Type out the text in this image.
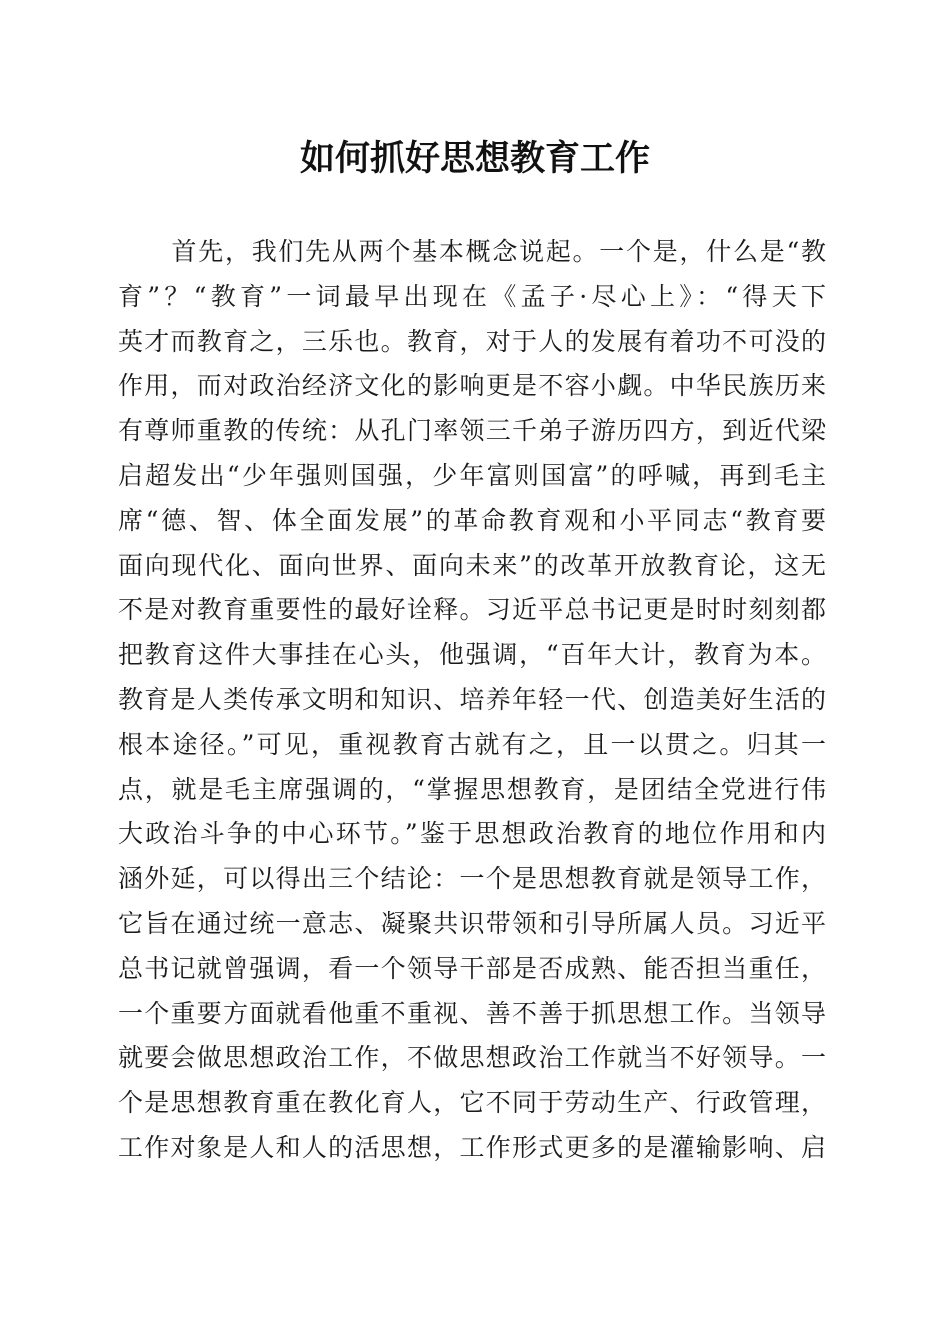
如何抓好思想教育工作
　　首先，我们先从两个基本概念说起。一个是，什么是“教
育”？“教育”一词最早出现在《孟子·尽心上》：“得天下
英才而教育之，三乐也。教育，对于人的发展有着功不可没的
作用，而对政治经济文化的影响更是不容小觑。中华民族历来
有尊师重教的传统：从孔门率领三千弟子游历四方，到近代梁
启超发出“少年强则国强，少年富则国富”的呼喊，再到毛主
席“德、智、体全面发展”的革命教育观和小平同志“教育要
面向现代化、面向世界、面向未来”的改革开放教育论，这无
不是对教育重要性的最好诠释。习近平总书记更是时时刻刻都
把教育这件大事挂在心头，他强调，“百年大计，教育为本。
教育是人类传承文明和知识、培养年轻一代、创造美好生活的
根本途径。”可见，重视教育古就有之，且一以贯之。归其一
点，就是毛主席强调的，“掌握思想教育，是团结全党进行伟
大政治斗争的中心环节。”鉴于思想政治教育的地位作用和内
涵外延，可以得出三个结论：一个是思想教育就是领导工作，
它旨在通过统一意志、凝聚共识带领和引导所属人员。习近平
总书记就曾强调，看一个领导干部是否成熟、能否担当重任，
一个重要方面就看他重不重视、善不善于抓思想工作。当领导
就要会做思想政治工作，不做思想政治工作就当不好领导。一
个是思想教育重在教化育人，它不同于劳动生产、行政管理，
工作对象是人和人的活思想，工作形式更多的是灌输影响、启
